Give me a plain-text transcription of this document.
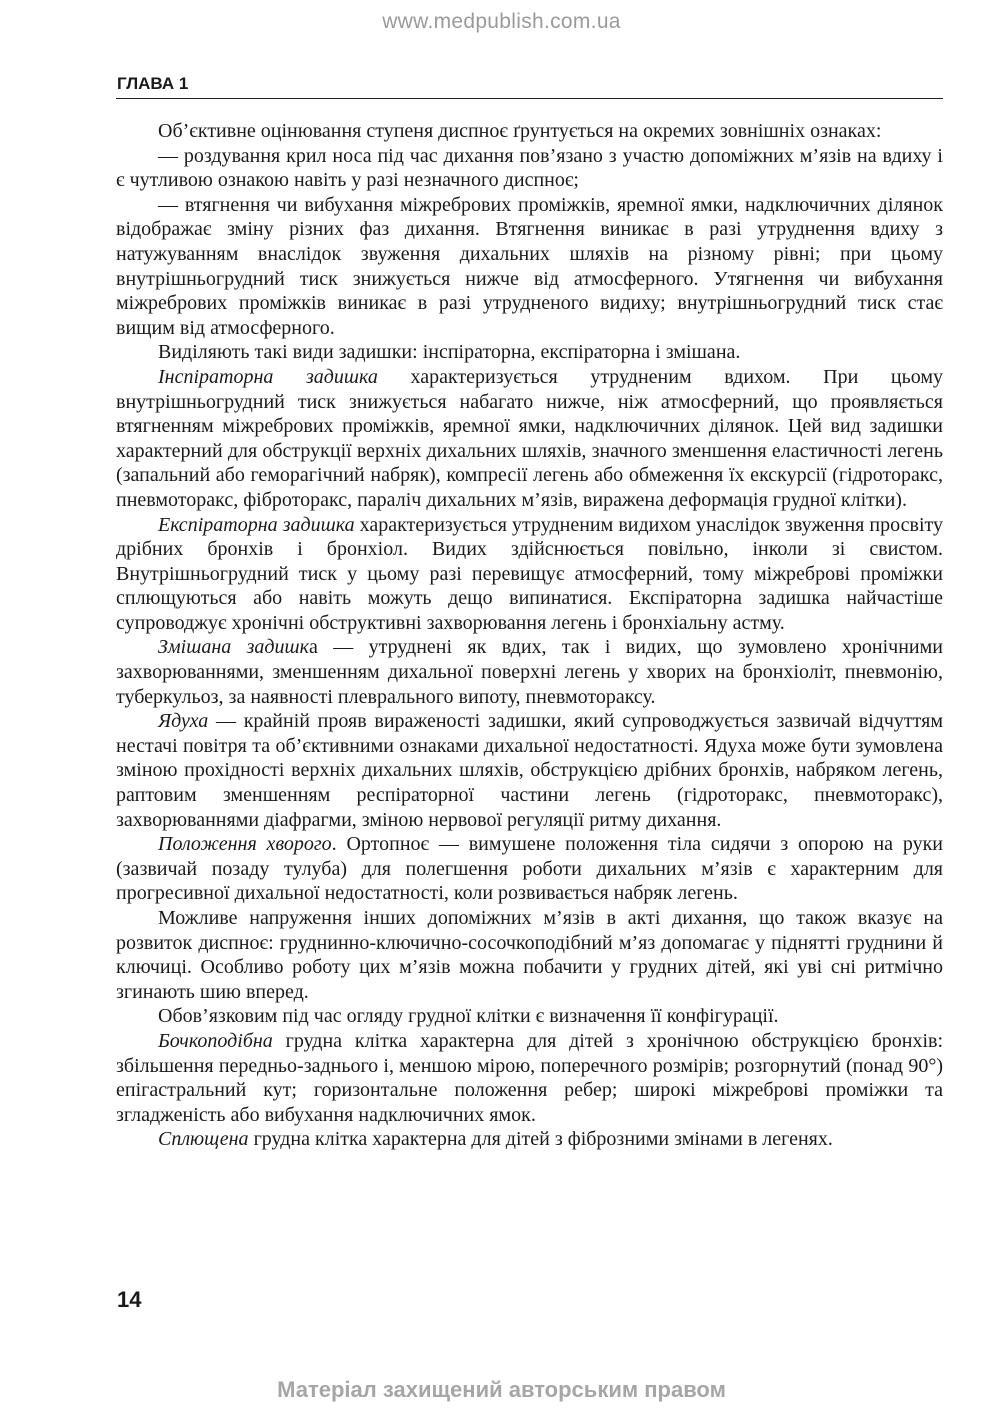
www.medpublish.com.ua
ГЛАВА 1

Об’єктивне оцінювання ступеня диспноє ґрунтується на окремих зовнішніх ознаках:

— роздування крил носа під час дихання пов’язано з участю допоміжних м’язів на вдиху і є чутливою ознакою навіть у разі незначного диспноє;

— втягнення чи вибухання міжребрових проміжків, яремної ямки, надключичних ділянок відображає зміну різних фаз дихання. Втягнення виникає в разі утруднення вдиху з натужуванням внаслідок звуження дихальних шляхів на різному рівні; при цьому внутрішньогрудний тиск знижується нижче від атмосферного. Утягнення чи вибухання міжребрових проміжків виникає в разі утрудненого видиху; внутрішньогрудний тиск стає вищим від атмосферного.

Виділяють такі види задишки: інспіраторна, експіраторна і змішана.

Інспіраторна задишка характеризується утрудненим вдихом. При цьому внутрішньогрудний тиск знижується набагато нижче, ніж атмосферний, що проявляється втягненням міжребрових проміжків, яремної ямки, надключичних ділянок. Цей вид задишки характерний для обструкції верхніх дихальних шляхів, значного зменшення еластичності легень (запальний або геморагічний набряк), компресії легень або обмеження їх екскурсії (гідроторакс, пневмоторакс, фіброторакс, параліч дихальних м’язів, виражена деформація грудної клітки).

Експіраторна задишка характеризується утрудненим видихом унаслідок звуження просвіту дрібних бронхів і бронхіол. Видих здійснюється повільно, інколи зі свистом. Внутрішньогрудний тиск у цьому разі перевищує атмосферний, тому міжреброві проміжки сплющуються або навіть можуть дещо випинатися. Експіраторна задишка найчастіше супроводжує хронічні обструктивні захворювання легень і бронхіальну астму.

Змішана задишка — утруднені як вдих, так і видих, що зумовлено хронічними захворюваннями, зменшенням дихальної поверхні легень у хворих на бронхіоліт, пневмонію, туберкульоз, за наявності плеврального випоту, пневмотораксу.

Ядуха — крайній прояв вираженості задишки, який супроводжується зазвичай відчуттям нестачі повітря та об’єктивними ознаками дихальної недостатності. Ядуха може бути зумовлена зміною прохідності верхніх дихальних шляхів, обструкцією дрібних бронхів, набряком легень, раптовим зменшенням респіраторної частини легень (гідроторакс, пневмоторакс), захворюваннями діафрагми, зміною нервової регуляції ритму дихання.

Положення хворого. Ортопноє — вимушене положення тіла сидячи з опорою на руки (зазвичай позаду тулуба) для полегшення роботи дихальних м’язів є характерним для прогресивної дихальної недостатності, коли розвивається набряк легень.

Можливе напруження інших допоміжних м’язів в акті дихання, що також вказує на розвиток диспноє: груднинно-ключично-сосочкоподібний м’яз допомагає у піднятті груднини й ключиці. Особливо роботу цих м’язів можна побачити у грудних дітей, які уві сні ритмічно згинають шию вперед.

Обов’язковим під час огляду грудної клітки є визначення її конфігурації.

Бочкоподібна грудна клітка характерна для дітей з хронічною обструкцією бронхів: збільшення передньо-заднього і, меншою мірою, поперечного розмірів; розгорнутий (понад 90°) епігастральний кут; горизонтальне положення ребер; широкі міжреброві проміжки та згладженість або вибухання надключичних ямок.

Сплющена грудна клітка характерна для дітей з фіброзними змінами в легенях.

14
Матеріал захищений авторським правом
